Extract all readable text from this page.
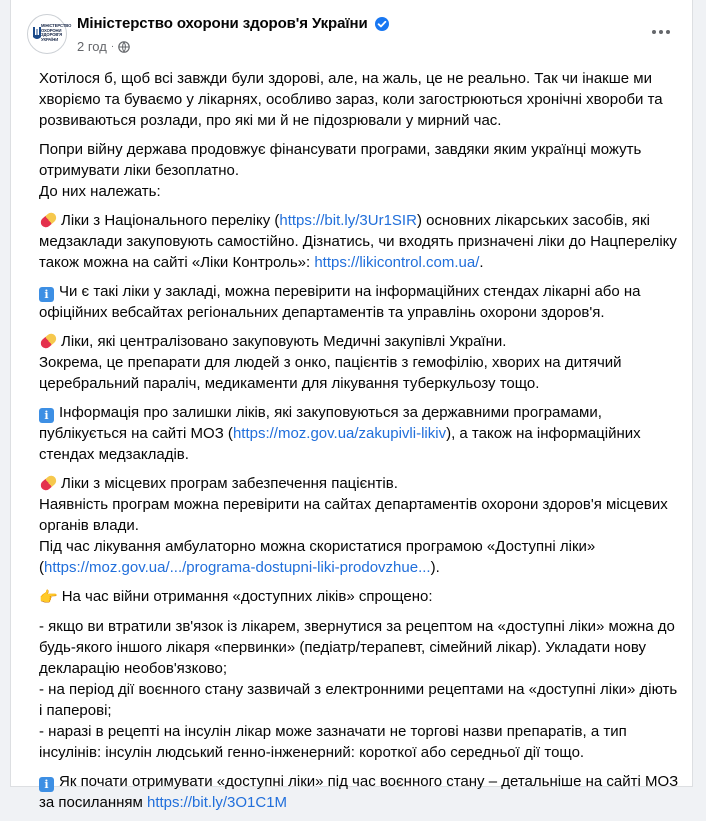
МІНІСТЕРСТВО ОХОРОНИ ЗДОРОВ'Я УКРАЇНИ
Міністерство охорони здоров'я України
2 год ·

Хотілося б, щоб всі завжди були здорові, але, на жаль, це не реально. Так чи інакше ми хворіємо та буваємо у лікарнях, особливо зараз, коли загострюються хронічні хвороби та розвиваються розлади, про які ми й не підозрювали у мирний час.

Попри війну держава продовжує фінансувати програми, завдяки яким українці можуть отримувати ліки безоплатно.
До них належать:

Ліки з Національного переліку (https://bit.ly/3Ur1SIR) основних лікарських засобів, які медзаклади закуповують самостійно. Дізнатись, чи входять призначені ліки до Нацпереліку також можна на сайті «Ліки Контроль»: https://likicontrol.com.ua/.

i Чи є такі ліки у закладі, можна перевірити на інформаційних стендах лікарні або на офіційних вебсайтах регіональних департаментів та управлінь охорони здоров'я.

Ліки, які централізовано закуповують Медичні закупівлі України.
Зокрема, це препарати для людей з онко, пацієнтів з гемофілію, хворих на дитячий церебральний параліч, медикаменти для лікування туберкульозу тощо.

i Інформація про залишки ліків, які закуповуються за державними програмами, публікується на сайті МОЗ (https://moz.gov.ua/zakupivli-likiv), а також на інформаційних стендах медзакладів.

Ліки з місцевих програм забезпечення пацієнтів.
Наявність програм можна перевірити на сайтах департаментів охорони здоров'я місцевих органів влади.
Під час лікування амбулаторно можна скористатися програмою «Доступні ліки»
(https://moz.gov.ua/.../programa-dostupni-liki-prodovzhue...).

👉 На час війни отримання «доступних ліків» спрощено:

- якщо ви втратили зв'язок із лікарем, звернутися за рецептом на «доступні ліки» можна до будь-якого іншого лікаря «первинки» (педіатр/терапевт, сімейний лікар). Укладати нову декларацію необов'язково;
- на період дії воєнного стану зазвичай з електронними рецептами на «доступні ліки» діють і паперові;
- наразі в рецепті на інсулін лікар може зазначати не торгові назви препаратів, а тип інсулінів: інсулін людський генно-інженерний: короткої або середньої дії тощо.

i Як почати отримувати «доступні ліки» під час воєнного стану – детальніше на сайті МОЗ за посиланням https://bit.ly/3O1C1M
